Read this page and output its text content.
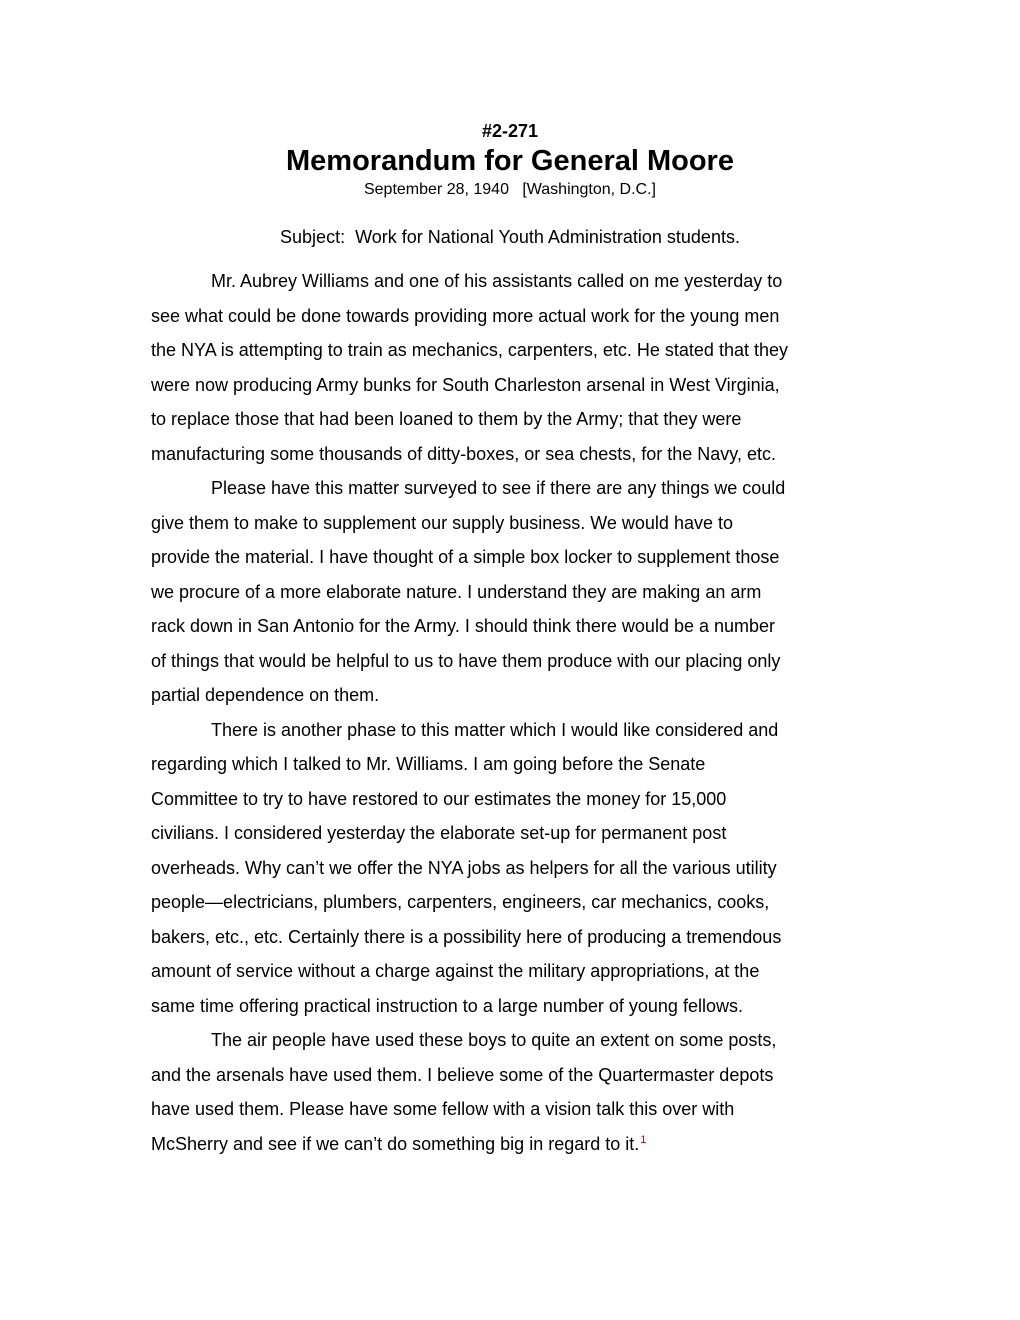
#2-271
Memorandum for General Moore
September 28, 1940   [Washington, D.C.]
Subject:  Work for National Youth Administration students.
Mr. Aubrey Williams and one of his assistants called on me yesterday to
see what could be done towards providing more actual work for the young men
the NYA is attempting to train as mechanics, carpenters, etc. He stated that they
were now producing Army bunks for South Charleston arsenal in West Virginia,
to replace those that had been loaned to them by the Army; that they were
manufacturing some thousands of ditty-boxes, or sea chests, for the Navy, etc.
Please have this matter surveyed to see if there are any things we could
give them to make to supplement our supply business. We would have to
provide the material. I have thought of a simple box locker to supplement those
we procure of a more elaborate nature. I understand they are making an arm
rack down in San Antonio for the Army. I should think there would be a number
of things that would be helpful to us to have them produce with our placing only
partial dependence on them.
There is another phase to this matter which I would like considered and
regarding which I talked to Mr. Williams. I am going before the Senate
Committee to try to have restored to our estimates the money for 15,000
civilians. I considered yesterday the elaborate set-up for permanent post
overheads. Why can’t we offer the NYA jobs as helpers for all the various utility
people—electricians, plumbers, carpenters, engineers, car mechanics, cooks,
bakers, etc., etc. Certainly there is a possibility here of producing a tremendous
amount of service without a charge against the military appropriations, at the
same time offering practical instruction to a large number of young fellows.
The air people have used these boys to quite an extent on some posts,
and the arsenals have used them. I believe some of the Quartermaster depots
have used them. Please have some fellow with a vision talk this over with
McSherry and see if we can’t do something big in regard to it.$^1$
